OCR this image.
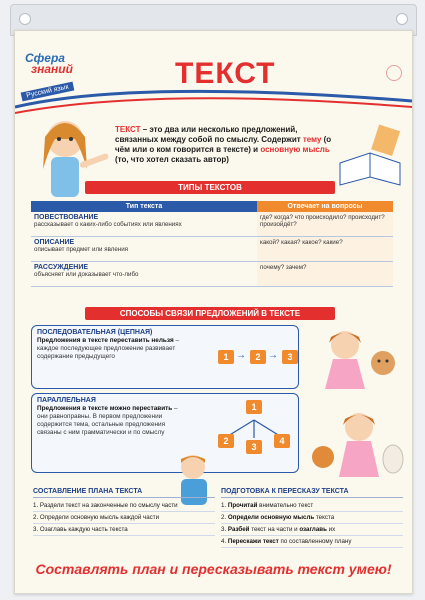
Сфера
знаний
Русский язык
ТЕКСТ
ТЕКСТ – это два или несколько предложений, связанных между собой по смыслу. Содержит тему (о чём или о ком говорится в тексте) и основную мысль (то, что хотел сказать автор)
ТИПЫ ТЕКСТОВ
Тип текста	Отвечает на вопросы

ПОВЕСТВОВАНИЕ
рассказывает о каких-либо событиях или явлениях	где? когда? что происходило? происходит? произойдёт?

ОПИСАНИЕ
описывает предмет или явления	какой? какая? какое? какие?

РАССУЖДЕНИЕ
объясняет или доказывает что-либо	почему? зачем?
СПОСОБЫ СВЯЗИ ПРЕДЛОЖЕНИЙ В ТЕКСТЕ
ПОСЛЕДОВАТЕЛЬНАЯ (ЦЕПНАЯ)
Предложения в тексте переставить нельзя – каждое последующее предложение развивает содержание предыдущего	1 →	2 →	3
ПАРАЛЛЕЛЬНАЯ
Предложения в тексте можно переставить – они равноправны. В первом предложении содержится тема, остальные предложения связаны с ним грамматически и по смыслу
1
2
3
4
СОСТАВЛЕНИЕ ПЛАНА ТЕКСТА
1. Раздели текст на законченные по смыслу части
2. Определи основную мысль каждой части
3. Озаглавь каждую часть текста
ПОДГОТОВКА К ПЕРЕСКАЗУ ТЕКСТА
1. Прочитай внимательно текст
2. Определи основную мысль текста
3. Разбей текст на части и озаглавь их
4. Перескажи текст по составленному плану
Составлять план и пересказывать текст умею!
